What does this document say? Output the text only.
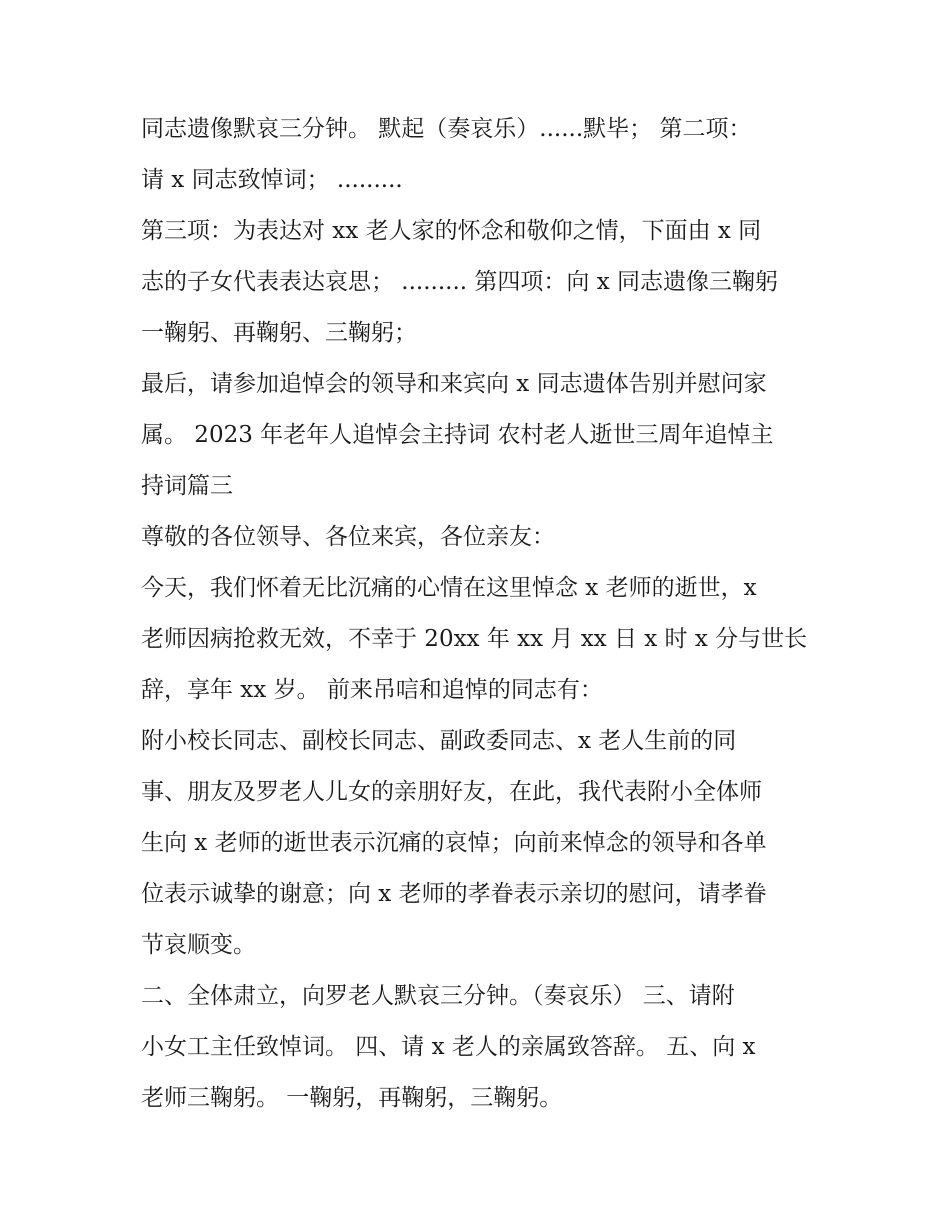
同志遗像默哀三分钟。 默起（奏哀乐）......默毕； 第二项：
请 x 同志致悼词； .........
第三项：为表达对 xx 老人家的怀念和敬仰之情，下面由 x 同
志的子女代表表达哀思； ......... 第四项：向 x 同志遗像三鞠躬
一鞠躬、再鞠躬、三鞠躬；
最后，请参加追悼会的领导和来宾向 x 同志遗体告别并慰问家
属。 2023 年老年人追悼会主持词 农村老人逝世三周年追悼主
持词篇三
尊敬的各位领导、各位来宾，各位亲友：
今天，我们怀着无比沉痛的心情在这里悼念 x 老师的逝世，x
老师因病抢救无效，不幸于 20xx 年 xx 月 xx 日 x 时 x 分与世长
辞，享年 xx 岁。 前来吊唁和追悼的同志有：
附小校长同志、副校长同志、副政委同志、x 老人生前的同
事、朋友及罗老人儿女的亲朋好友，在此，我代表附小全体师
生向 x 老师的逝世表示沉痛的哀悼；向前来悼念的领导和各单
位表示诚挚的谢意；向 x 老师的孝眷表示亲切的慰问，请孝眷
节哀顺变。
二、全体肃立，向罗老人默哀三分钟。（奏哀乐） 三、请附
小女工主任致悼词。 四、请 x 老人的亲属致答辞。 五、向 x
老师三鞠躬。 一鞠躬，再鞠躬，三鞠躬。
